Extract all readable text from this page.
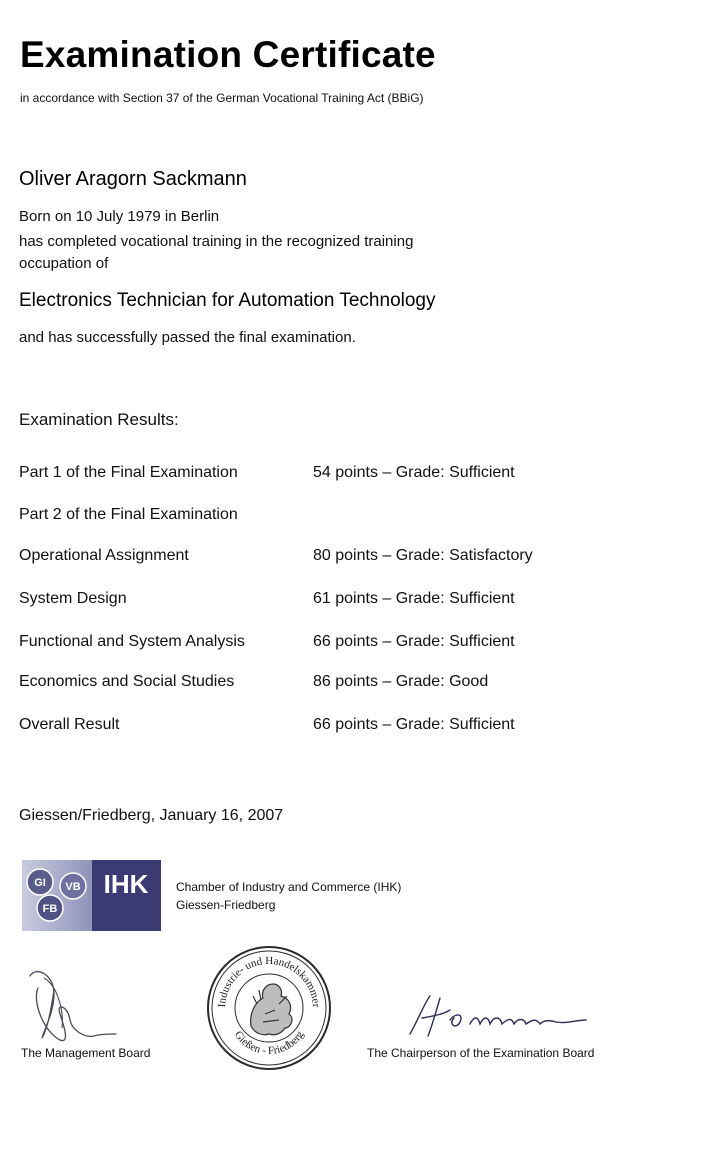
Examination Certificate
in accordance with Section 37 of the German Vocational Training Act (BBiG)
Oliver Aragorn Sackmann
Born on 10 July 1979 in Berlin
has completed vocational training in the recognized training
occupation of
Electronics Technician for Automation Technology
and has successfully passed the final examination.
Examination Results:
Part 1 of the Final Examination	54 points – Grade: Sufficient
Part 2 of the Final Examination
Operational Assignment	80 points – Grade: Satisfactory
System Design	61 points – Grade: Sufficient
Functional and System Analysis	66 points – Grade: Sufficient
Economics and Social Studies	86 points – Grade: Good
Overall Result	66 points – Grade: Sufficient
Giessen/Friedberg, January 16, 2007
GI VB
FB
IHK Chamber of Industry and Commerce (IHK)
Giessen-Friedberg
Industrie- und Handelskammer
Gießen - Friedberg
The Management Board	The Chairperson of the Examination Board
